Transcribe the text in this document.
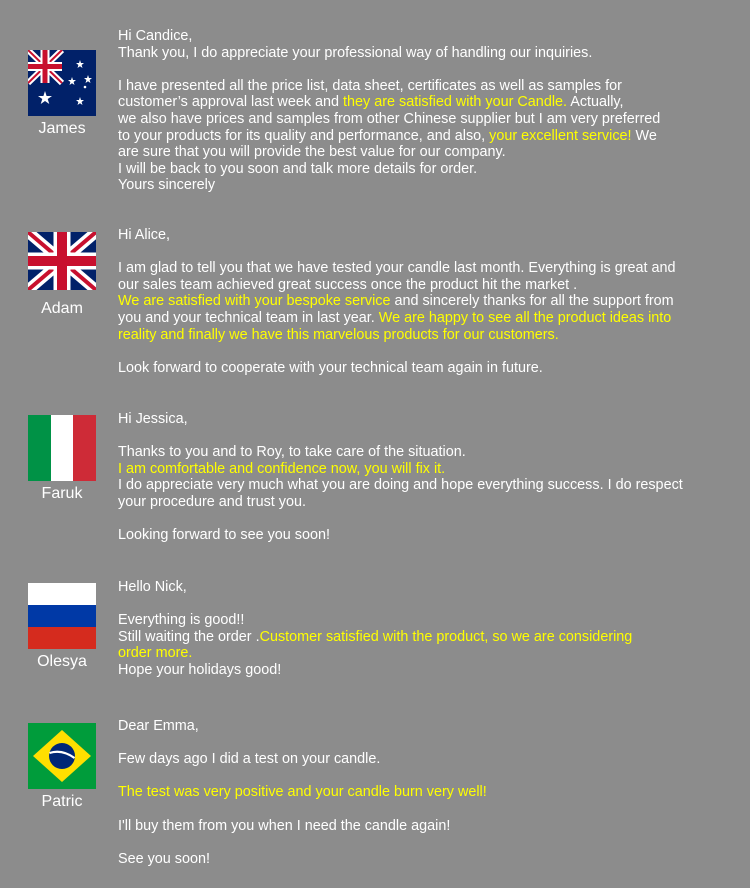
James

Hi Candice,

Thank you, I do appreciate your professional way of handling our inquiries.

I have presented all the price list, data sheet, certificates as well as samples for

customer’s approval last week and they are satisfied with your Candle. Actually,

we also have prices and samples from other Chinese supplier but I am very preferred

to your products for its quality and performance, and also, your excellent service! We

are sure that you will provide the best value for our company.

I will be back to you soon and talk more details for order.

Yours sincerely

Adam

Hi Alice,

I am glad to tell you that we have tested your candle last month. Everything is great and

our sales team achieved great success once the product hit the market .

We are satisfied with your bespoke service and sincerely thanks for all the support from

you and your technical team in last year. We are happy to see all the product ideas into

reality and finally we have this marvelous products for our customers.

Look forward to cooperate with your technical team again in future.

Faruk

Hi Jessica,

Thanks to you and to Roy, to take care of the situation.

I am comfortable and confidence now, you will fix it.

I do appreciate very much what you are doing and hope everything success. I do respect

your procedure and trust you.

Looking forward to see you soon!

Olesya

Hello Nick,

Everything is good!!

Still waiting the order .Customer satisfied with the product, so we are considering

order more.

Hope your holidays good!

Patric

Dear Emma,

Few days ago I did a test on your candle.

The test was very positive and your candle burn very well!

I'll buy them from you when I need the candle again!

See you soon!
